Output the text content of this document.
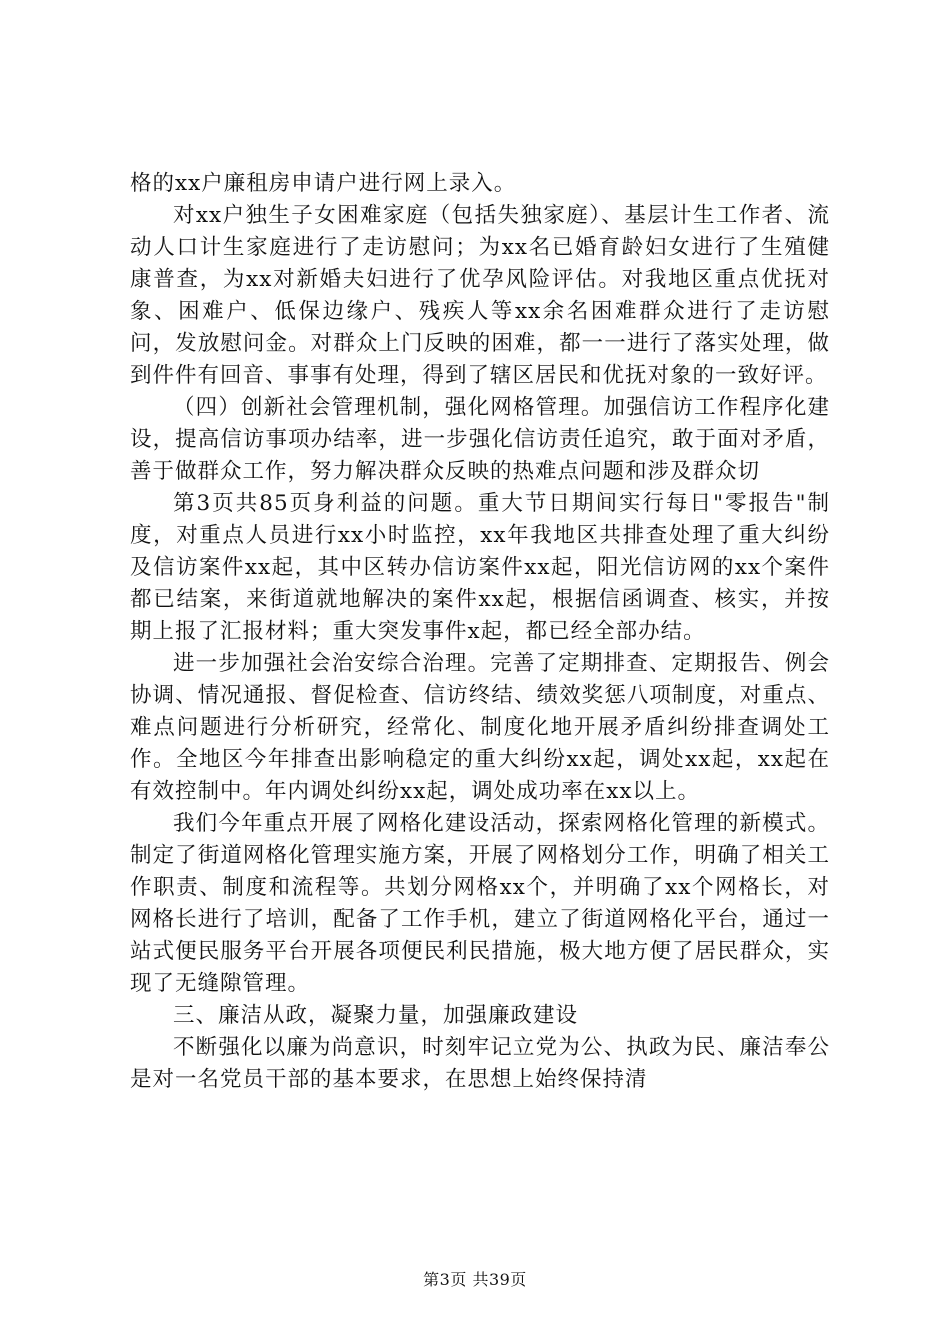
格的xx户廉租房申请户进行网上录入。

对xx户独生子女困难家庭（包括失独家庭）、基层计生工作者、流动人口计生家庭进行了走访慰问；为xx名已婚育龄妇女进行了生殖健康普查，为xx对新婚夫妇进行了优孕风险评估。对我地区重点优抚对象、困难户、低保边缘户、残疾人等xx余名困难群众进行了走访慰问，发放慰问金。对群众上门反映的困难，都一一进行了落实处理，做到件件有回音、事事有处理，得到了辖区居民和优抚对象的一致好评。

（四）创新社会管理机制，强化网格管理。加强信访工作程序化建设，提高信访事项办结率，进一步强化信访责任追究，敢于面对矛盾，善于做群众工作，努力解决群众反映的热难点问题和涉及群众切

第3页共85页身利益的问题。重大节日期间实行每日"零报告"制度，对重点人员进行xx小时监控，xx年我地区共排查处理了重大纠纷及信访案件xx起，其中区转办信访案件xx起，阳光信访网的xx个案件都已结案，来街道就地解决的案件xx起，根据信函调查、核实，并按期上报了汇报材料；重大突发事件x起，都已经全部办结。

进一步加强社会治安综合治理。完善了定期排查、定期报告、例会协调、情况通报、督促检查、信访终结、绩效奖惩八项制度，对重点、难点问题进行分析研究，经常化、制度化地开展矛盾纠纷排查调处工作。全地区今年排查出影响稳定的重大纠纷xx起，调处xx起，xx起在有效控制中。年内调处纠纷xx起，调处成功率在xx以上。

我们今年重点开展了网格化建设活动，探索网格化管理的新模式。制定了街道网格化管理实施方案，开展了网格划分工作，明确了相关工作职责、制度和流程等。共划分网格xx个，并明确了xx个网格长，对网格长进行了培训，配备了工作手机，建立了街道网格化平台，通过一站式便民服务平台开展各项便民利民措施，极大地方便了居民群众，实现了无缝隙管理。

三、廉洁从政，凝聚力量，加强廉政建设

不断强化以廉为尚意识，时刻牢记立党为公、执政为民、廉洁奉公是对一名党员干部的基本要求，在思想上始终保持清

第3页 共39页
